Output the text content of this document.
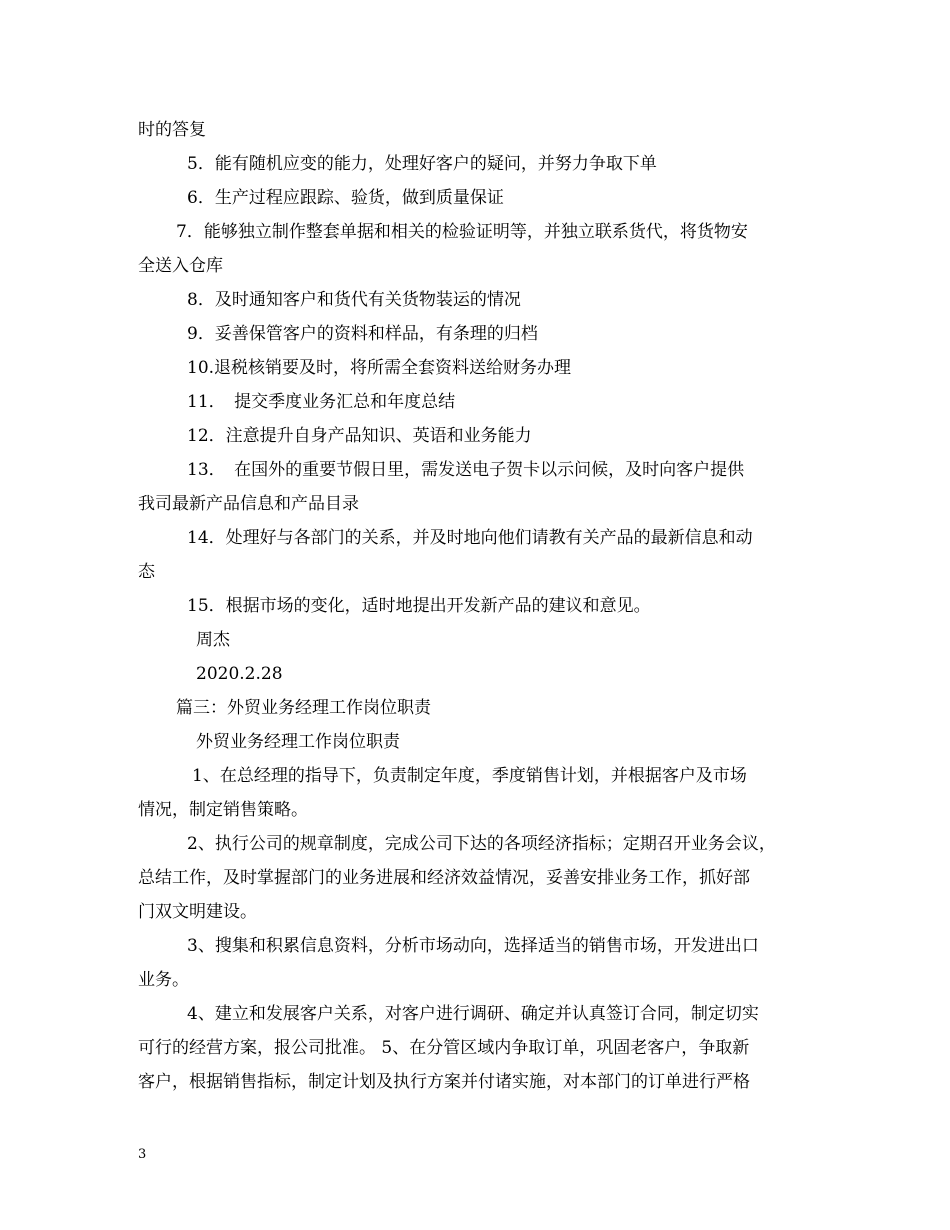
时的答复
5．能有随机应变的能力，处理好客户的疑问，并努力争取下单
6．生产过程应跟踪、验货，做到质量保证
7．能够独立制作整套单据和相关的检验证明等，并独立联系货代，将货物安
全送入仓库
8．及时通知客户和货代有关货物装运的情况
9．妥善保管客户的资料和样品，有条理的归档
10.退税核销要及时，将所需全套资料送给财务办理
11．　提交季度业务汇总和年度总结
12．注意提升自身产品知识、英语和业务能力
13．　在国外的重要节假日里，需发送电子贺卡以示问候，及时向客户提供
我司最新产品信息和产品目录
14．处理好与各部门的关系，并及时地向他们请教有关产品的最新信息和动
态
15．根据市场的变化，适时地提出开发新产品的建议和意见。
周杰
2020.2.28
篇三：外贸业务经理工作岗位职责
外贸业务经理工作岗位职责
1、在总经理的指导下，负责制定年度，季度销售计划，并根据客户及市场
情况，制定销售策略。
2、执行公司的规章制度，完成公司下达的各项经济指标；定期召开业务会议，
总结工作，及时掌握部门的业务进展和经济效益情况，妥善安排业务工作，抓好部
门双文明建设。
3、搜集和积累信息资料，分析市场动向，选择适当的销售市场，开发进出口
业务。
4、建立和发展客户关系，对客户进行调研、确定并认真签订合同，制定切实
可行的经营方案，报公司批准。 5、在分管区域内争取订单，巩固老客户，争取新
客户，根据销售指标，制定计划及执行方案并付诸实施，对本部门的订单进行严格
3
